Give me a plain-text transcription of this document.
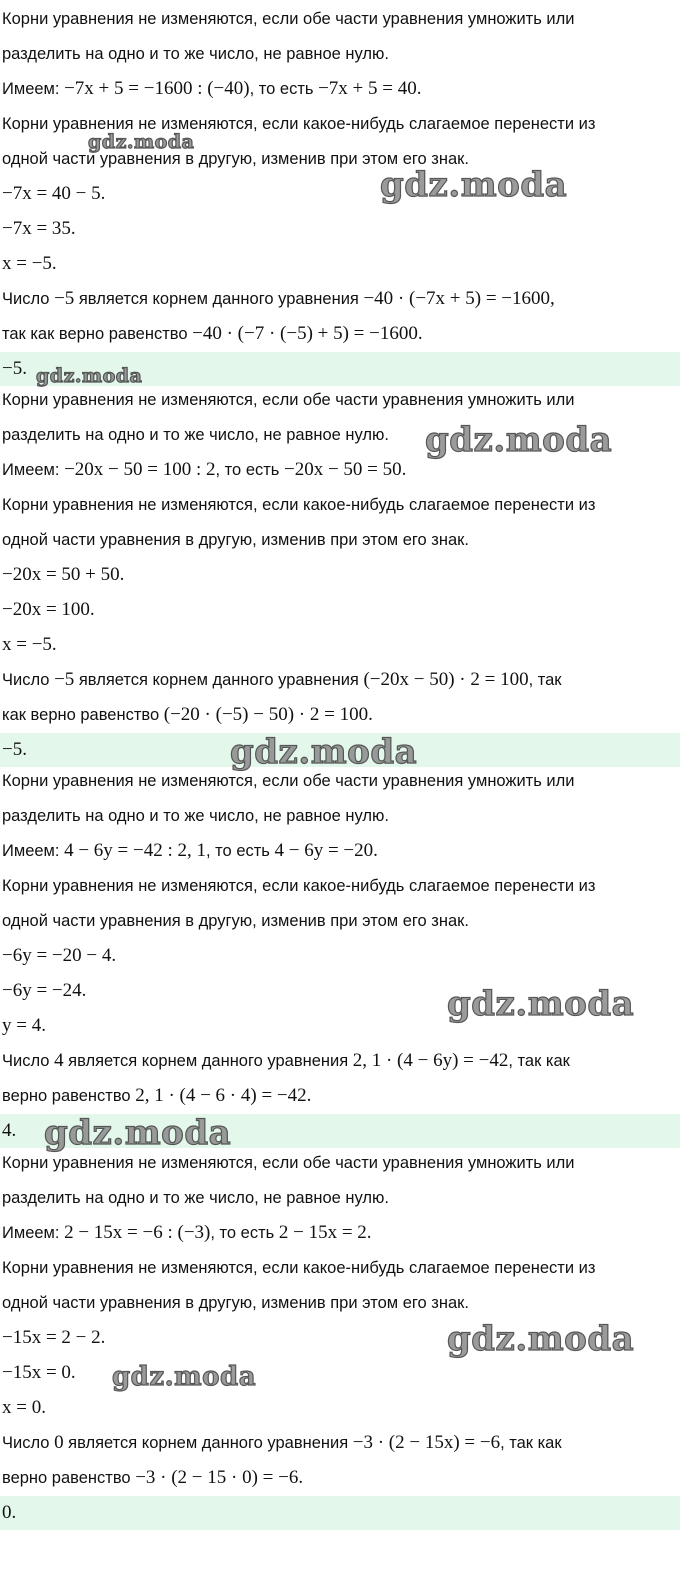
Корни уравнения не изменяются, если обе части уравнения умножить или
разделить на одно и то же число, не равное нулю.
Имеем: −7x + 5 = −1600 : (−40), то есть −7x + 5 = 40.
Корни уравнения не изменяются, если какое-нибудь слагаемое перенести из
одной части уравнения в другую, изменив при этом его знак.
−7x = 40 − 5.
−7x = 35.
x = −5.
Число −5 является корнем данного уравнения −40 · (−7x + 5) = −1600,
так как верно равенство −40 · (−7 · (−5) + 5) = −1600.
−5.
Корни уравнения не изменяются, если обе части уравнения умножить или
разделить на одно и то же число, не равное нулю.
Имеем: −20x − 50 = 100 : 2, то есть −20x − 50 = 50.
Корни уравнения не изменяются, если какое-нибудь слагаемое перенести из
одной части уравнения в другую, изменив при этом его знак.
−20x = 50 + 50.
−20x = 100.
x = −5.
Число −5 является корнем данного уравнения (−20x − 50) · 2 = 100, так
как верно равенство (−20 · (−5) − 50) · 2 = 100.
−5.
Корни уравнения не изменяются, если обе части уравнения умножить или
разделить на одно и то же число, не равное нулю.
Имеем: 4 − 6y = −42 : 2, 1, то есть 4 − 6y = −20.
Корни уравнения не изменяются, если какое-нибудь слагаемое перенести из
одной части уравнения в другую, изменив при этом его знак.
−6y = −20 − 4.
−6y = −24.
y = 4.
Число 4 является корнем данного уравнения 2, 1 · (4 − 6y) = −42, так как
верно равенство 2, 1 · (4 − 6 · 4) = −42.
4.
Корни уравнения не изменяются, если обе части уравнения умножить или
разделить на одно и то же число, не равное нулю.
Имеем: 2 − 15x = −6 : (−3), то есть 2 − 15x = 2.
Корни уравнения не изменяются, если какое-нибудь слагаемое перенести из
одной части уравнения в другую, изменив при этом его знак.
−15x = 2 − 2.
−15x = 0.
x = 0.
Число 0 является корнем данного уравнения −3 · (2 − 15x) = −6, так как
верно равенство −3 · (2 − 15 · 0) = −6.
0.
gdz.moda
gdz.moda
gdz.moda
gdz.moda
gdz.moda
gdz.moda
gdz.moda
gdz.moda
gdz.moda
